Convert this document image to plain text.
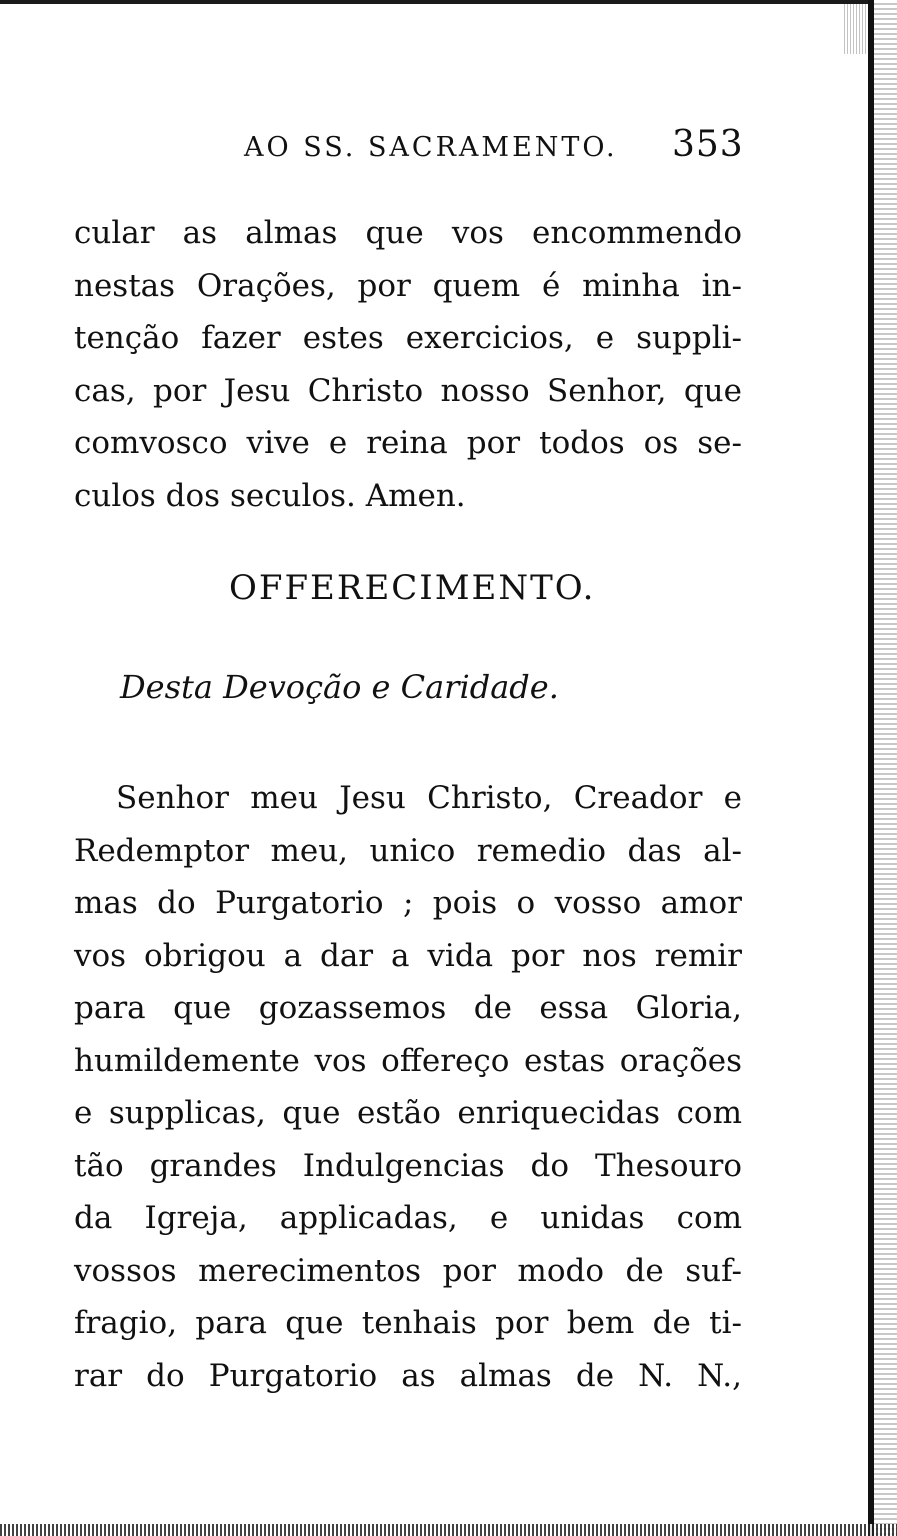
AO SS. SACRAMENTO. 353
cular as almas que vos encommendo
nestas Orações, por quem é minha in-
tenção fazer estes exercicios, e suppli-
cas, por Jesu Christo nosso Senhor, que
comvosco vive e reina por todos os se-
culos dos seculos. Amen.
OFFERECIMENTO.
Desta Devoção e Caridade.
Senhor meu Jesu Christo, Creador e
Redemptor meu, unico remedio das al-
mas do Purgatorio ; pois o vosso amor
vos obrigou a dar a vida por nos remir
para que gozassemos de essa Gloria,
humildemente vos offereço estas orações
e supplicas, que estão enriquecidas com
tão grandes Indulgencias do Thesouro
da Igreja, applicadas, e unidas com
vossos merecimentos por modo de suf-
fragio, para que tenhais por bem de ti-
rar do Purgatorio as almas de N. N.,
